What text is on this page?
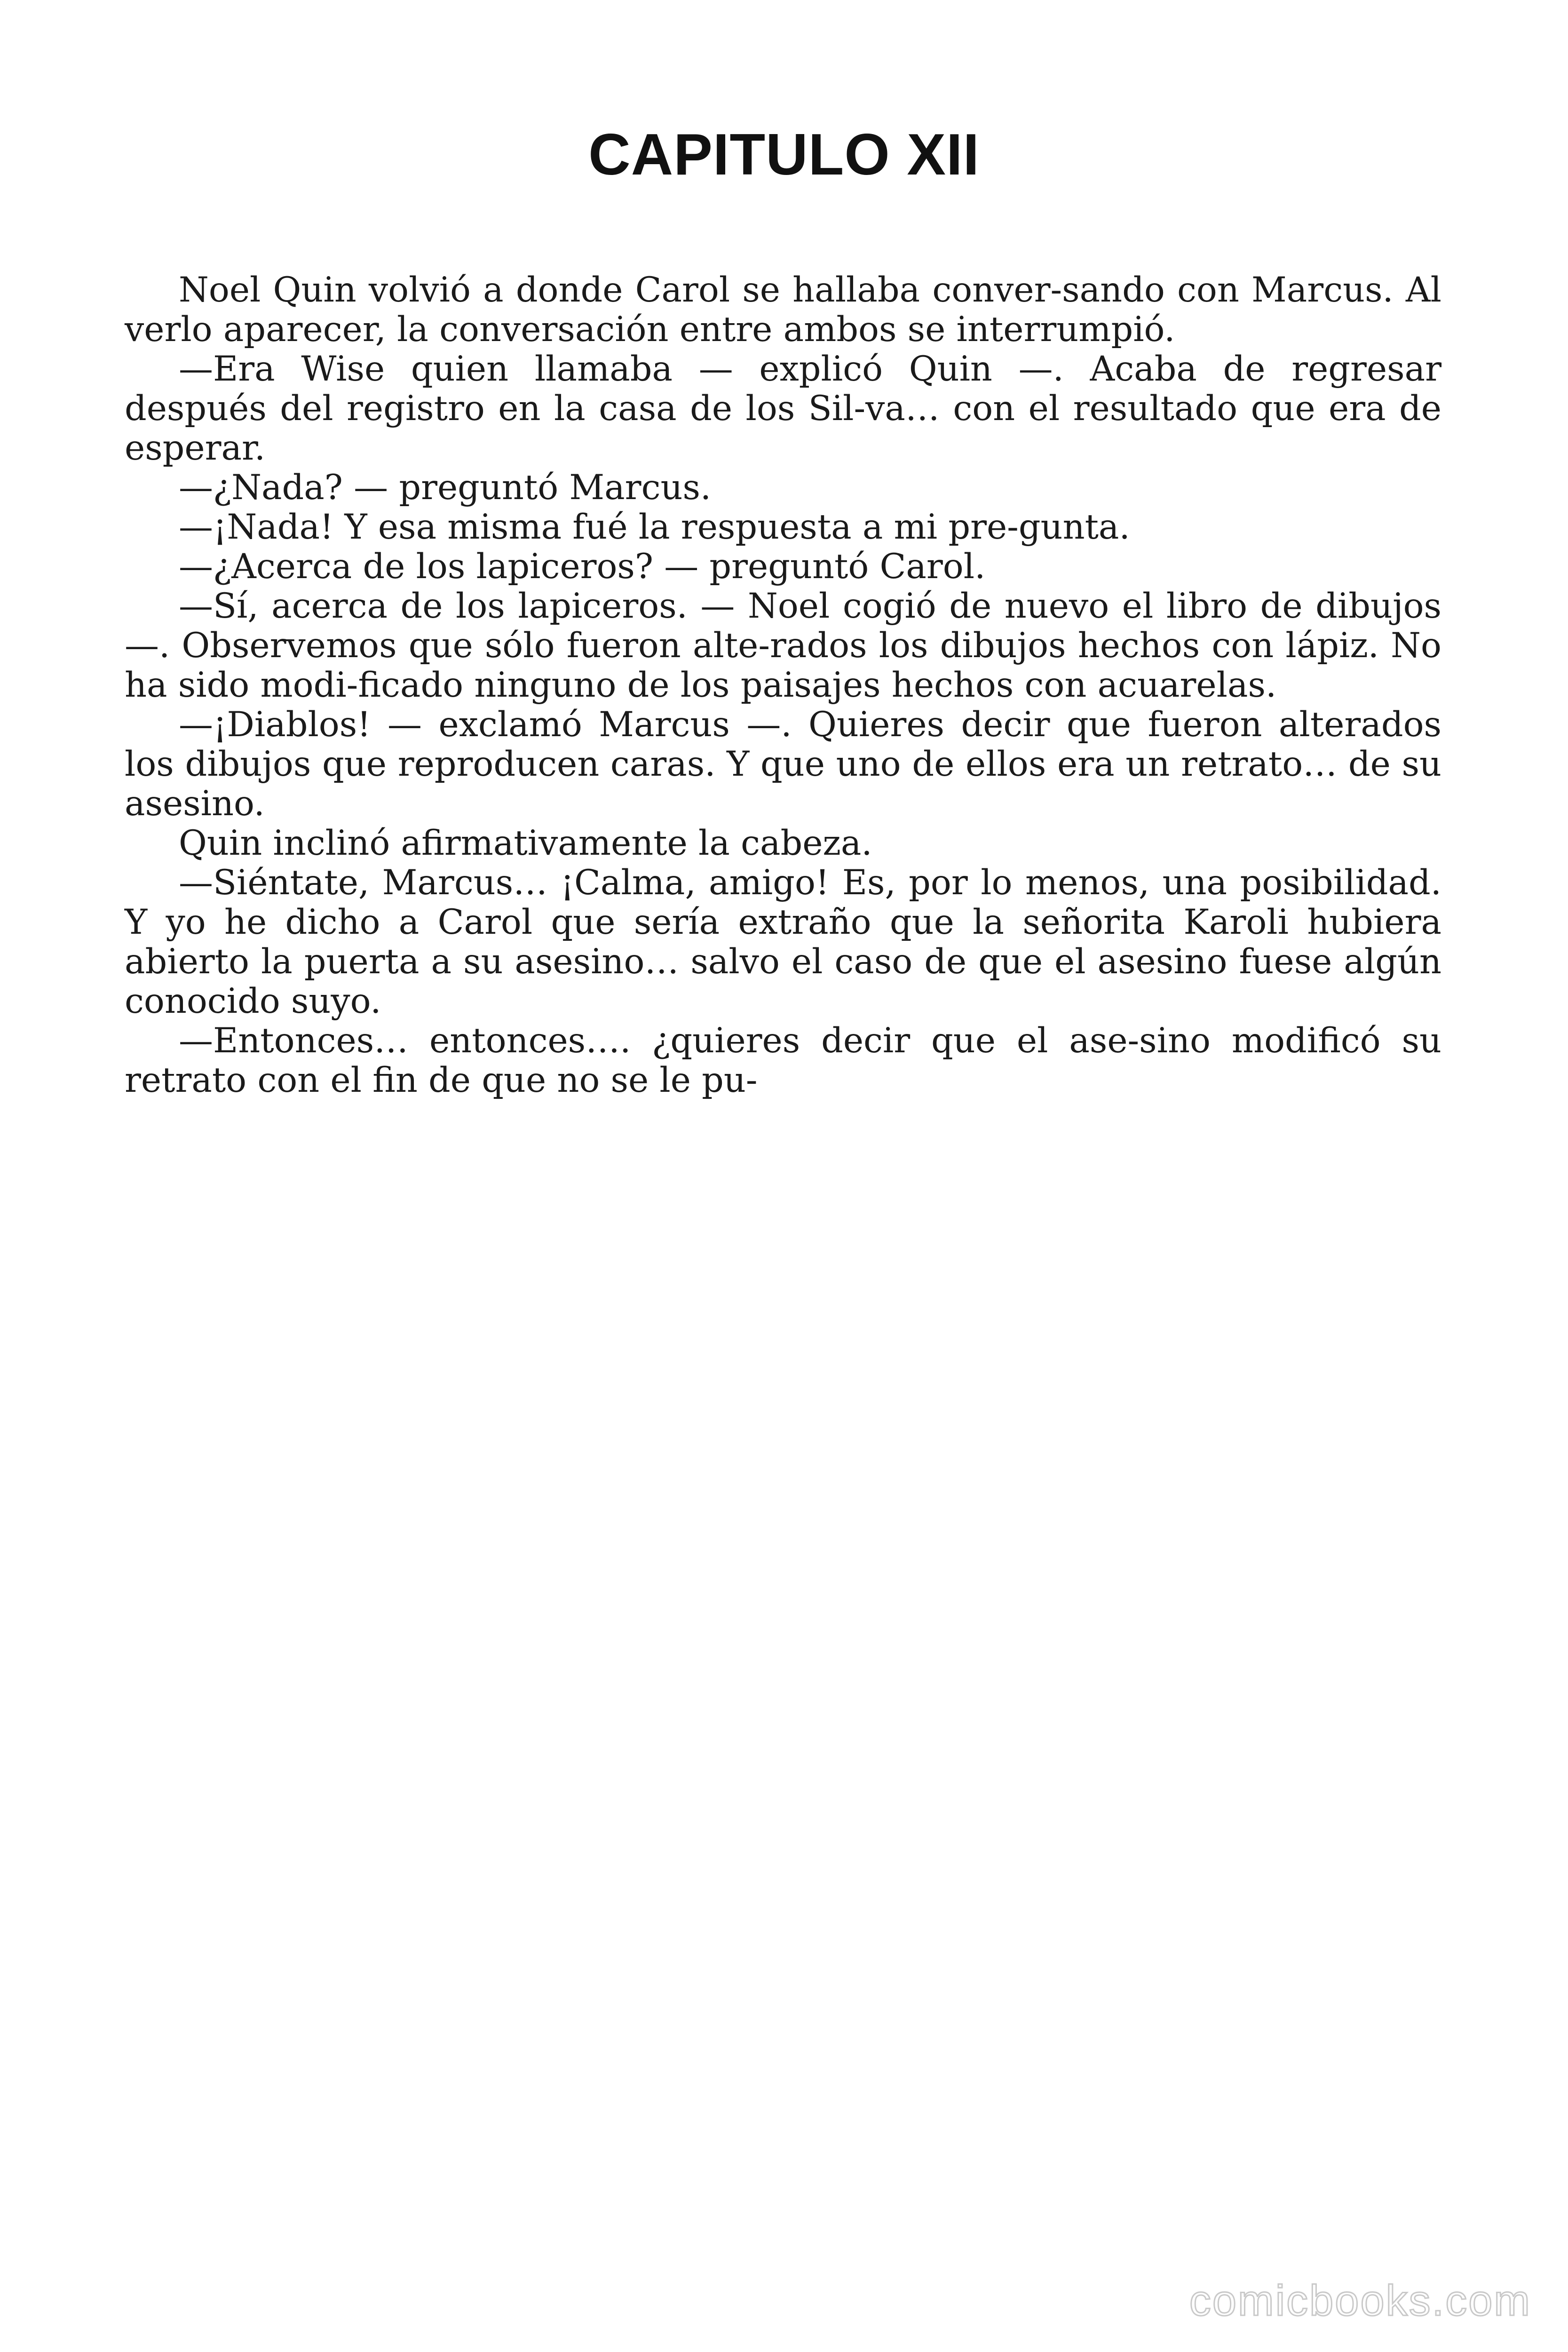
CAPITULO XII

Noel Quin volvió a donde Carol se hallaba conver-sando con Marcus. Al verlo aparecer, la conversación entre ambos se interrumpió.

—Era Wise quien llamaba — explicó Quin —. Acaba de regresar después del registro en la casa de los Sil-va… con el resultado que era de esperar.

—¿Nada? — preguntó Marcus.

—¡Nada! Y esa misma fué la respuesta a mi pre-gunta.

—¿Acerca de los lapiceros? — preguntó Carol.

—Sí, acerca de los lapiceros. — Noel cogió de nuevo el libro de dibujos —. Observemos que sólo fueron alte-rados los dibujos hechos con lápiz. No ha sido modi-ficado ninguno de los paisajes hechos con acuarelas.

—¡Diablos! — exclamó Marcus —. Quieres decir que fueron alterados los dibujos que reproducen caras. Y que uno de ellos era un retrato… de su asesino.

Quin inclinó afirmativamente la cabeza.

—Siéntate, Marcus… ¡Calma, amigo! Es, por lo menos, una posibilidad. Y yo he dicho a Carol que sería extraño que la señorita Karoli hubiera abierto la puerta a su asesino… salvo el caso de que el asesino fuese algún conocido suyo.

—Entonces… entonces…. ¿quieres decir que el ase-sino modificó su retrato con el fin de que no se le pu-

comicbooks.com
